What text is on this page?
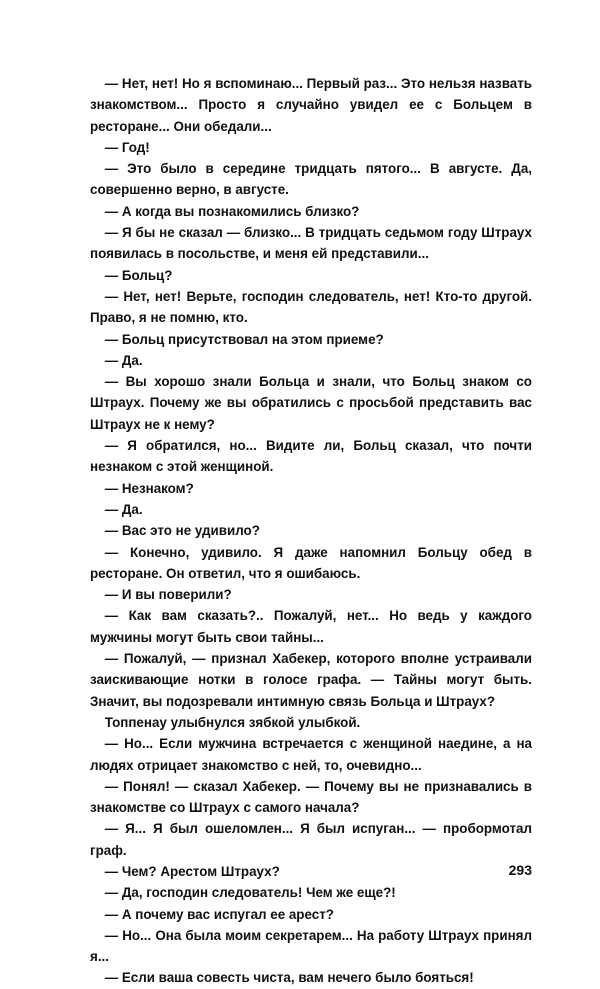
— Нет, нет! Но я вспоминаю... Первый раз... Это нельзя назвать знакомством... Просто я случайно увидел ее с Больцем в ресторане... Они обедали...

— Год!

— Это было в середине тридцать пятого... В августе. Да, совершенно верно, в августе.

— А когда вы познакомились близко?

— Я бы не сказал — близко... В тридцать седьмом году Штраух появилась в посольстве, и меня ей представили...

— Больц?

— Нет, нет! Верьте, господин следователь, нет! Кто-то другой. Право, я не помню, кто.

— Больц присутствовал на этом приеме?

— Да.

— Вы хорошо знали Больца и знали, что Больц знаком со Штраух. Почему же вы обратились с просьбой представить вас Штраух не к нему?

— Я обратился, но... Видите ли, Больц сказал, что почти незнаком с этой женщиной.

— Незнаком?

— Да.

— Вас это не удивило?

— Конечно, удивило. Я даже напомнил Больцу обед в ресторане. Он ответил, что я ошибаюсь.

— И вы поверили?

— Как вам сказать?.. Пожалуй, нет... Но ведь у каждого мужчины могут быть свои тайны...

— Пожалуй, — признал Хабекер, которого вполне устраивали заискивающие нотки в голосе графа. — Тайны могут быть. Значит, вы подозревали интимную связь Больца и Штраух?

Топпенау улыбнулся зябкой улыбкой.

— Но... Если мужчина встречается с женщиной наедине, а на людях отрицает знакомство с ней, то, очевидно...

— Понял! — сказал Хабекер. — Почему вы не признавались в знакомстве со Штраух с самого начала?

— Я... Я был ошеломлен... Я был испуган... — пробормотал граф.

— Чем? Арестом Штраух?

— Да, господин следователь! Чем же еще?!

— А почему вас испугал ее арест?

— Но... Она была моим секретарем... На работу Штраух принял я...

— Если ваша совесть чиста, вам нечего было бояться!

293
